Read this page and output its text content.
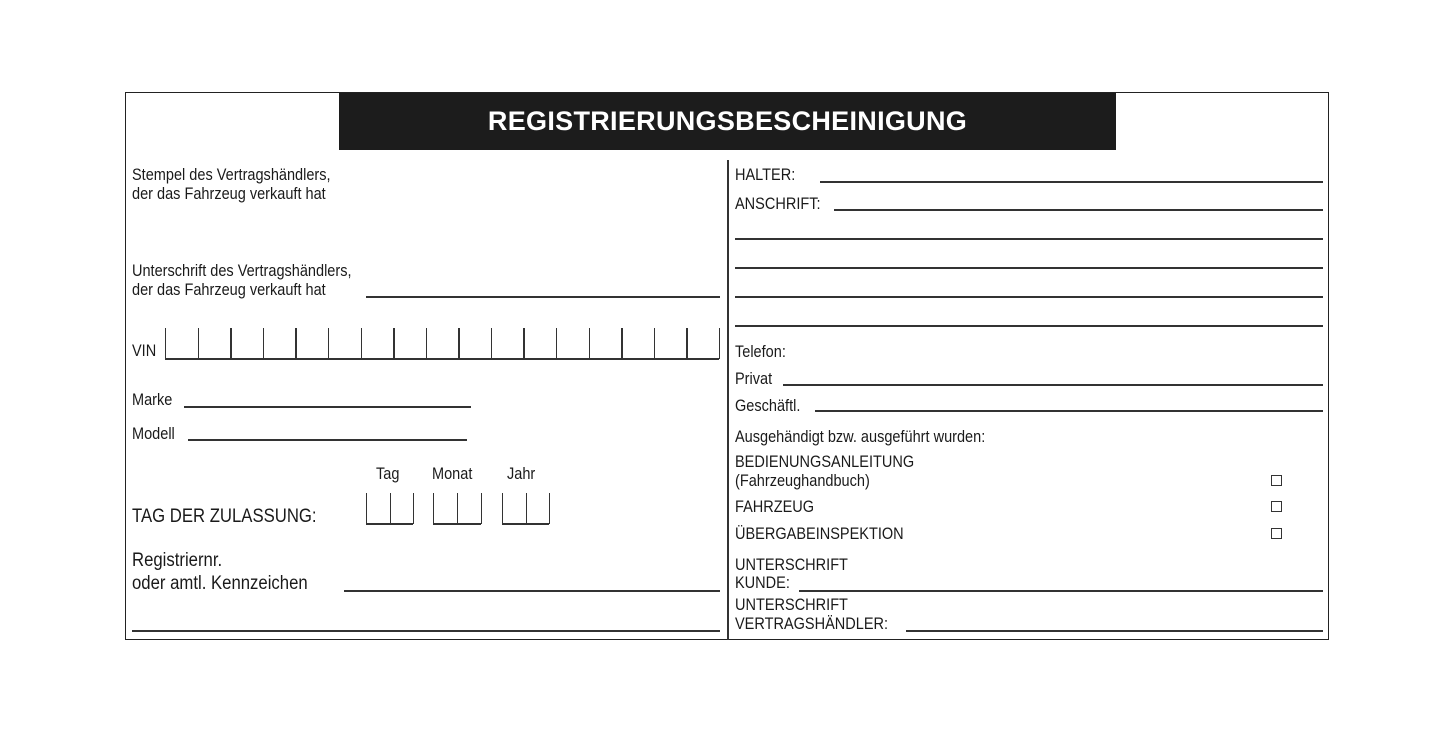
REGISTRIERUNGSBESCHEINIGUNG
Stempel des Vertragshändlers,
der das Fahrzeug verkauft hat
Unterschrift des Vertragshändlers,
der das Fahrzeug verkauft hat
VIN
Marke
Modell
Tag Monat Jahr
TAG DER ZULASSUNG:
Registriernr.
oder amtl. Kennzeichen
HALTER:
ANSCHRIFT:
Telefon:
Privat
Geschäftl.
Ausgehändigt bzw. ausgeführt wurden:
BEDIENUNGSANLEITUNG
(Fahrzeughandbuch)
FAHRZEUG
ÜBERGABEINSPEKTION
UNTERSCHRIFT
KUNDE:
UNTERSCHRIFT
VERTRAGSHÄNDLER:
